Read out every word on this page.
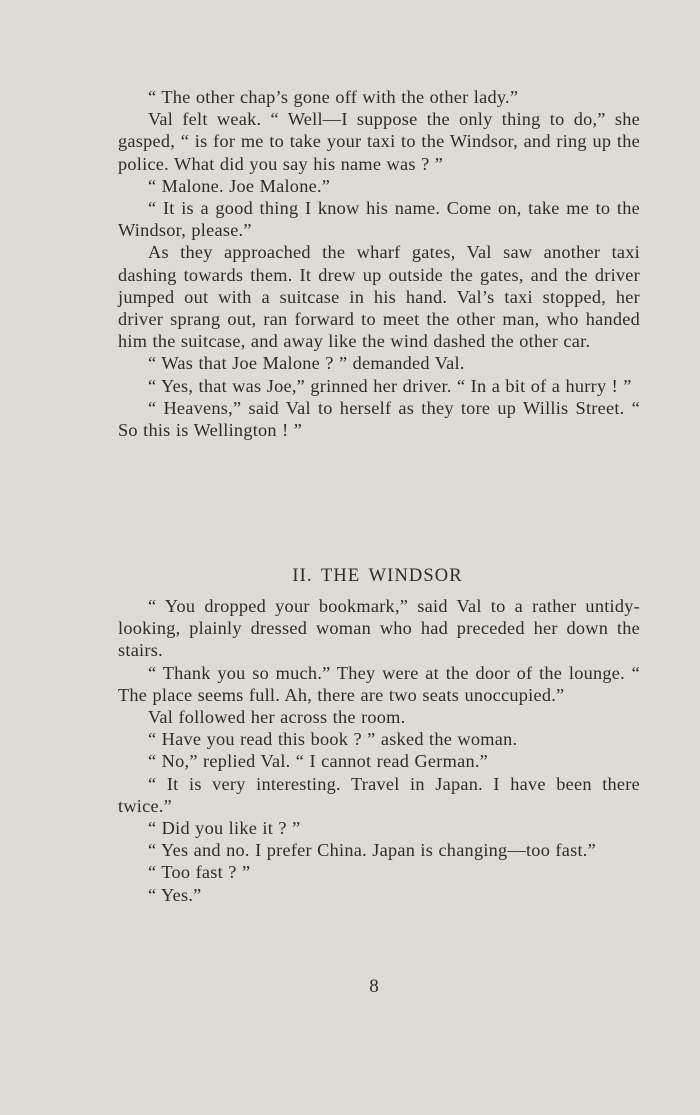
“ The other chap’s gone off with the other lady.”

Val felt weak. “ Well—I suppose the only thing to do,” she gasped, “ is for me to take your taxi to the Windsor, and ring up the police. What did you say his name was ? ”

“ Malone. Joe Malone.”

“ It is a good thing I know his name. Come on, take me to the Windsor, please.”

As they approached the wharf gates, Val saw another taxi dashing towards them. It drew up outside the gates, and the driver jumped out with a suitcase in his hand. Val’s taxi stopped, her driver sprang out, ran forward to meet the other man, who handed him the suitcase, and away like the wind dashed the other car.

“ Was that Joe Malone ? ” demanded Val.

“ Yes, that was Joe,” grinned her driver. “ In a bit of a hurry ! ”

“ Heavens,” said Val to herself as they tore up Willis Street. “ So this is Wellington ! ”

II. THE WINDSOR

“ You dropped your bookmark,” said Val to a rather untidy-looking, plainly dressed woman who had preceded her down the stairs.

“ Thank you so much.” They were at the door of the lounge. “ The place seems full. Ah, there are two seats unoccupied.”

Val followed her across the room.

“ Have you read this book ? ” asked the woman.

“ No,” replied Val. “ I cannot read German.”

“ It is very interesting. Travel in Japan. I have been there twice.”

“ Did you like it ? ”

“ Yes and no. I prefer China. Japan is changing—too fast.”

“ Too fast ? ”

“ Yes.”

8
